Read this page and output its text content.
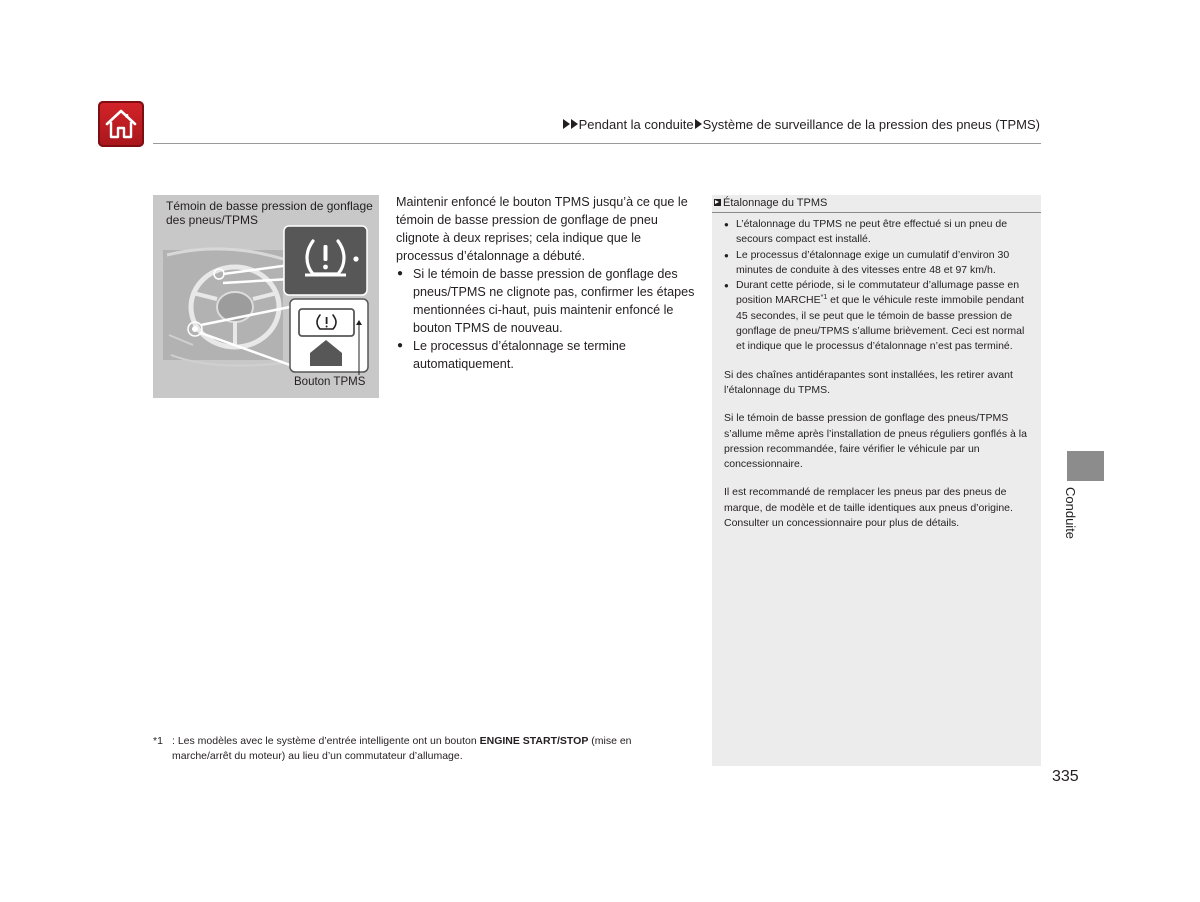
Pendant la conduite Système de surveillance de la pression des pneus (TPMS)
Témoin de basse pression de gonflage des pneus/TPMS
Bouton TPMS

Maintenir enfoncé le bouton TPMS jusqu’à ce que le témoin de basse pression de gonflage de pneu clignote à deux reprises; cela indique que le processus d’étalonnage a débuté.

● Si le témoin de basse pression de gonflage des pneus/TPMS ne clignote pas, confirmer les étapes mentionnées ci-haut, puis maintenir enfoncé le bouton TPMS de nouveau.

● Le processus d’étalonnage se termine automatiquement.

Étalonnage du TPMS

● L’étalonnage du TPMS ne peut être effectué si un pneu de secours compact est installé.

● Le processus d’étalonnage exige un cumulatif d’environ 30 minutes de conduite à des vitesses entre 48 et 97 km/h.

● Durant cette période, si le commutateur d’allumage passe en position MARCHE$^{*1}$ et que le véhicule reste immobile pendant 45 secondes, il se peut que le témoin de basse pression de gonflage de pneu/TPMS s’allume brièvement. Ceci est normal et indique que le processus d’étalonnage n’est pas terminé.

Si des chaînes antidérapantes sont installées, les retirer avant l’étalonnage du TPMS.

Si le témoin de basse pression de gonflage des pneus/TPMS s’allume même après l’installation de pneus réguliers gonflés à la pression recommandée, faire vérifier le véhicule par un concessionnaire.

Il est recommandé de remplacer les pneus par des pneus de marque, de modèle et de taille identiques aux pneus d’origine. Consulter un concessionnaire pour plus de détails.

*1 : Les modèles avec le système d’entrée intelligente ont un bouton ENGINE START/STOP (mise en marche/arrêt du moteur) au lieu d’un commutateur d’allumage.
335
Conduite
